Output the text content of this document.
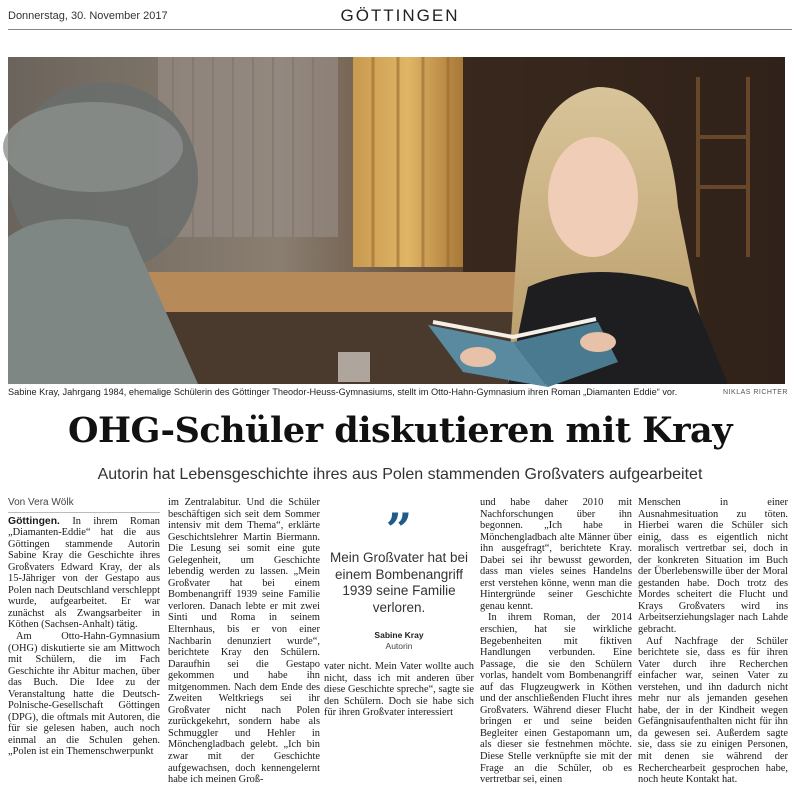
Donnerstag, 30. November 2017	GÖTTINGEN
Sabine Kray, Jahrgang 1984, ehemalige Schülerin des Göttinger Theodor-Heuss-Gymnasiums, stellt im Otto-Hahn-Gymnasium ihren Roman „Diamanten Eddie“ vor.	NIKLAS RICHTER
OHG-Schüler diskutieren mit Kray
Autorin hat Lebensgeschichte ihres aus Polen stammenden Großvaters aufgearbeitet
Von Vera Wölk

Göttingen. In ihrem Roman „Diamanten-Eddie“ hat die aus Göttingen stammende Autorin Sabine Kray die Geschichte ihres Großvaters Edward Kray, der als 15-Jähriger von der Gestapo aus Polen nach Deutschland verschleppt wurde, aufgearbeitet. Er war zunächst als Zwangsarbeiter in Köthen (Sachsen-Anhalt) tätig.

Am Otto-Hahn-Gymnasium (OHG) diskutierte sie am Mittwoch mit Schülern, die im Fach Geschichte ihr Abitur machen, über das Buch. Die Idee zu der Veranstaltung hatte die Deutsch-Polnische-Gesellschaft Göttingen (DPG), die oftmals mit Autoren, die für sie gelesen haben, auch noch einmal an die Schulen gehen. „Polen ist ein Themenschwerpunkt

im Zentralabitur. Und die Schüler beschäftigen sich seit dem Sommer intensiv mit dem Thema“, erklärte Geschichtslehrer Martin Biermann. Die Lesung sei somit eine gute Gelegenheit, um Geschichte lebendig werden zu lassen. „Mein Großvater hat bei einem Bombenangriff 1939 seine Familie verloren. Danach lebte er mit zwei Sinti und Roma in seinem Elternhaus, bis er von einer Nachbarin denunziert wurde“, berichtete Kray den Schülern. Daraufhin sei die Gestapo gekommen und habe ihn mitgenommen. Nach dem Ende des Zweiten Weltkriegs sei ihr Großvater nicht nach Polen zurückgekehrt, sondern habe als Schmuggler und Hehler in Mönchengladbach gelebt. „Ich bin zwar mit der Geschichte aufgewachsen, doch kennengelernt habe ich meinen Groß-

”
Mein Großvater hat bei einem Bombenangriff 1939 seine Familie verloren.
Sabine Kray
Autorin

vater nicht. Mein Vater wollte auch nicht, dass ich mit anderen über diese Geschichte spreche“, sagte sie den Schülern. Doch sie habe sich für ihren Großvater interessiert

und habe daher 2010 mit Nachforschungen über ihn begonnen. „Ich habe in Mönchengladbach alte Männer über ihn ausgefragt“, berichtete Kray. Dabei sei ihr bewusst geworden, dass man vieles seines Handelns erst verstehen könne, wenn man die Hintergründe seiner Geschichte genau kennt.

In ihrem Roman, der 2014 erschien, hat sie wirkliche Begebenheiten mit fiktiven Handlungen verbunden. Eine Passage, die sie den Schülern vorlas, handelt vom Bombenangriff auf das Flugzeugwerk in Köthen und der anschließenden Flucht ihres Großvaters. Während dieser Flucht bringen er und seine beiden Begleiter einen Gestapomann um, als dieser sie festnehmen möchte. Diese Stelle verknüpfte sie mit der Frage an die Schüler, ob es vertretbar sei, einen

Menschen in einer Ausnahmesituation zu töten. Hierbei waren die Schüler sich einig, dass es eigentlich nicht moralisch vertretbar sei, doch in der konkreten Situation im Buch der Überlebenswille über der Moral gestanden habe. Doch trotz des Mordes scheitert die Flucht und Krays Großvaters wird ins Arbeitserziehungslager nach Lahde gebracht.

Auf Nachfrage der Schüler berichtete sie, dass es für ihren Vater durch ihre Recherchen einfacher war, seinen Vater zu verstehen, und ihn dadurch nicht mehr nur als jemanden gesehen habe, der in der Kindheit wegen Gefängnisaufenthalten nicht für ihn da gewesen sei. Außerdem sagte sie, dass sie zu einigen Personen, mit denen sie während der Recherchearbeit gesprochen habe, noch heute Kontakt hat.
